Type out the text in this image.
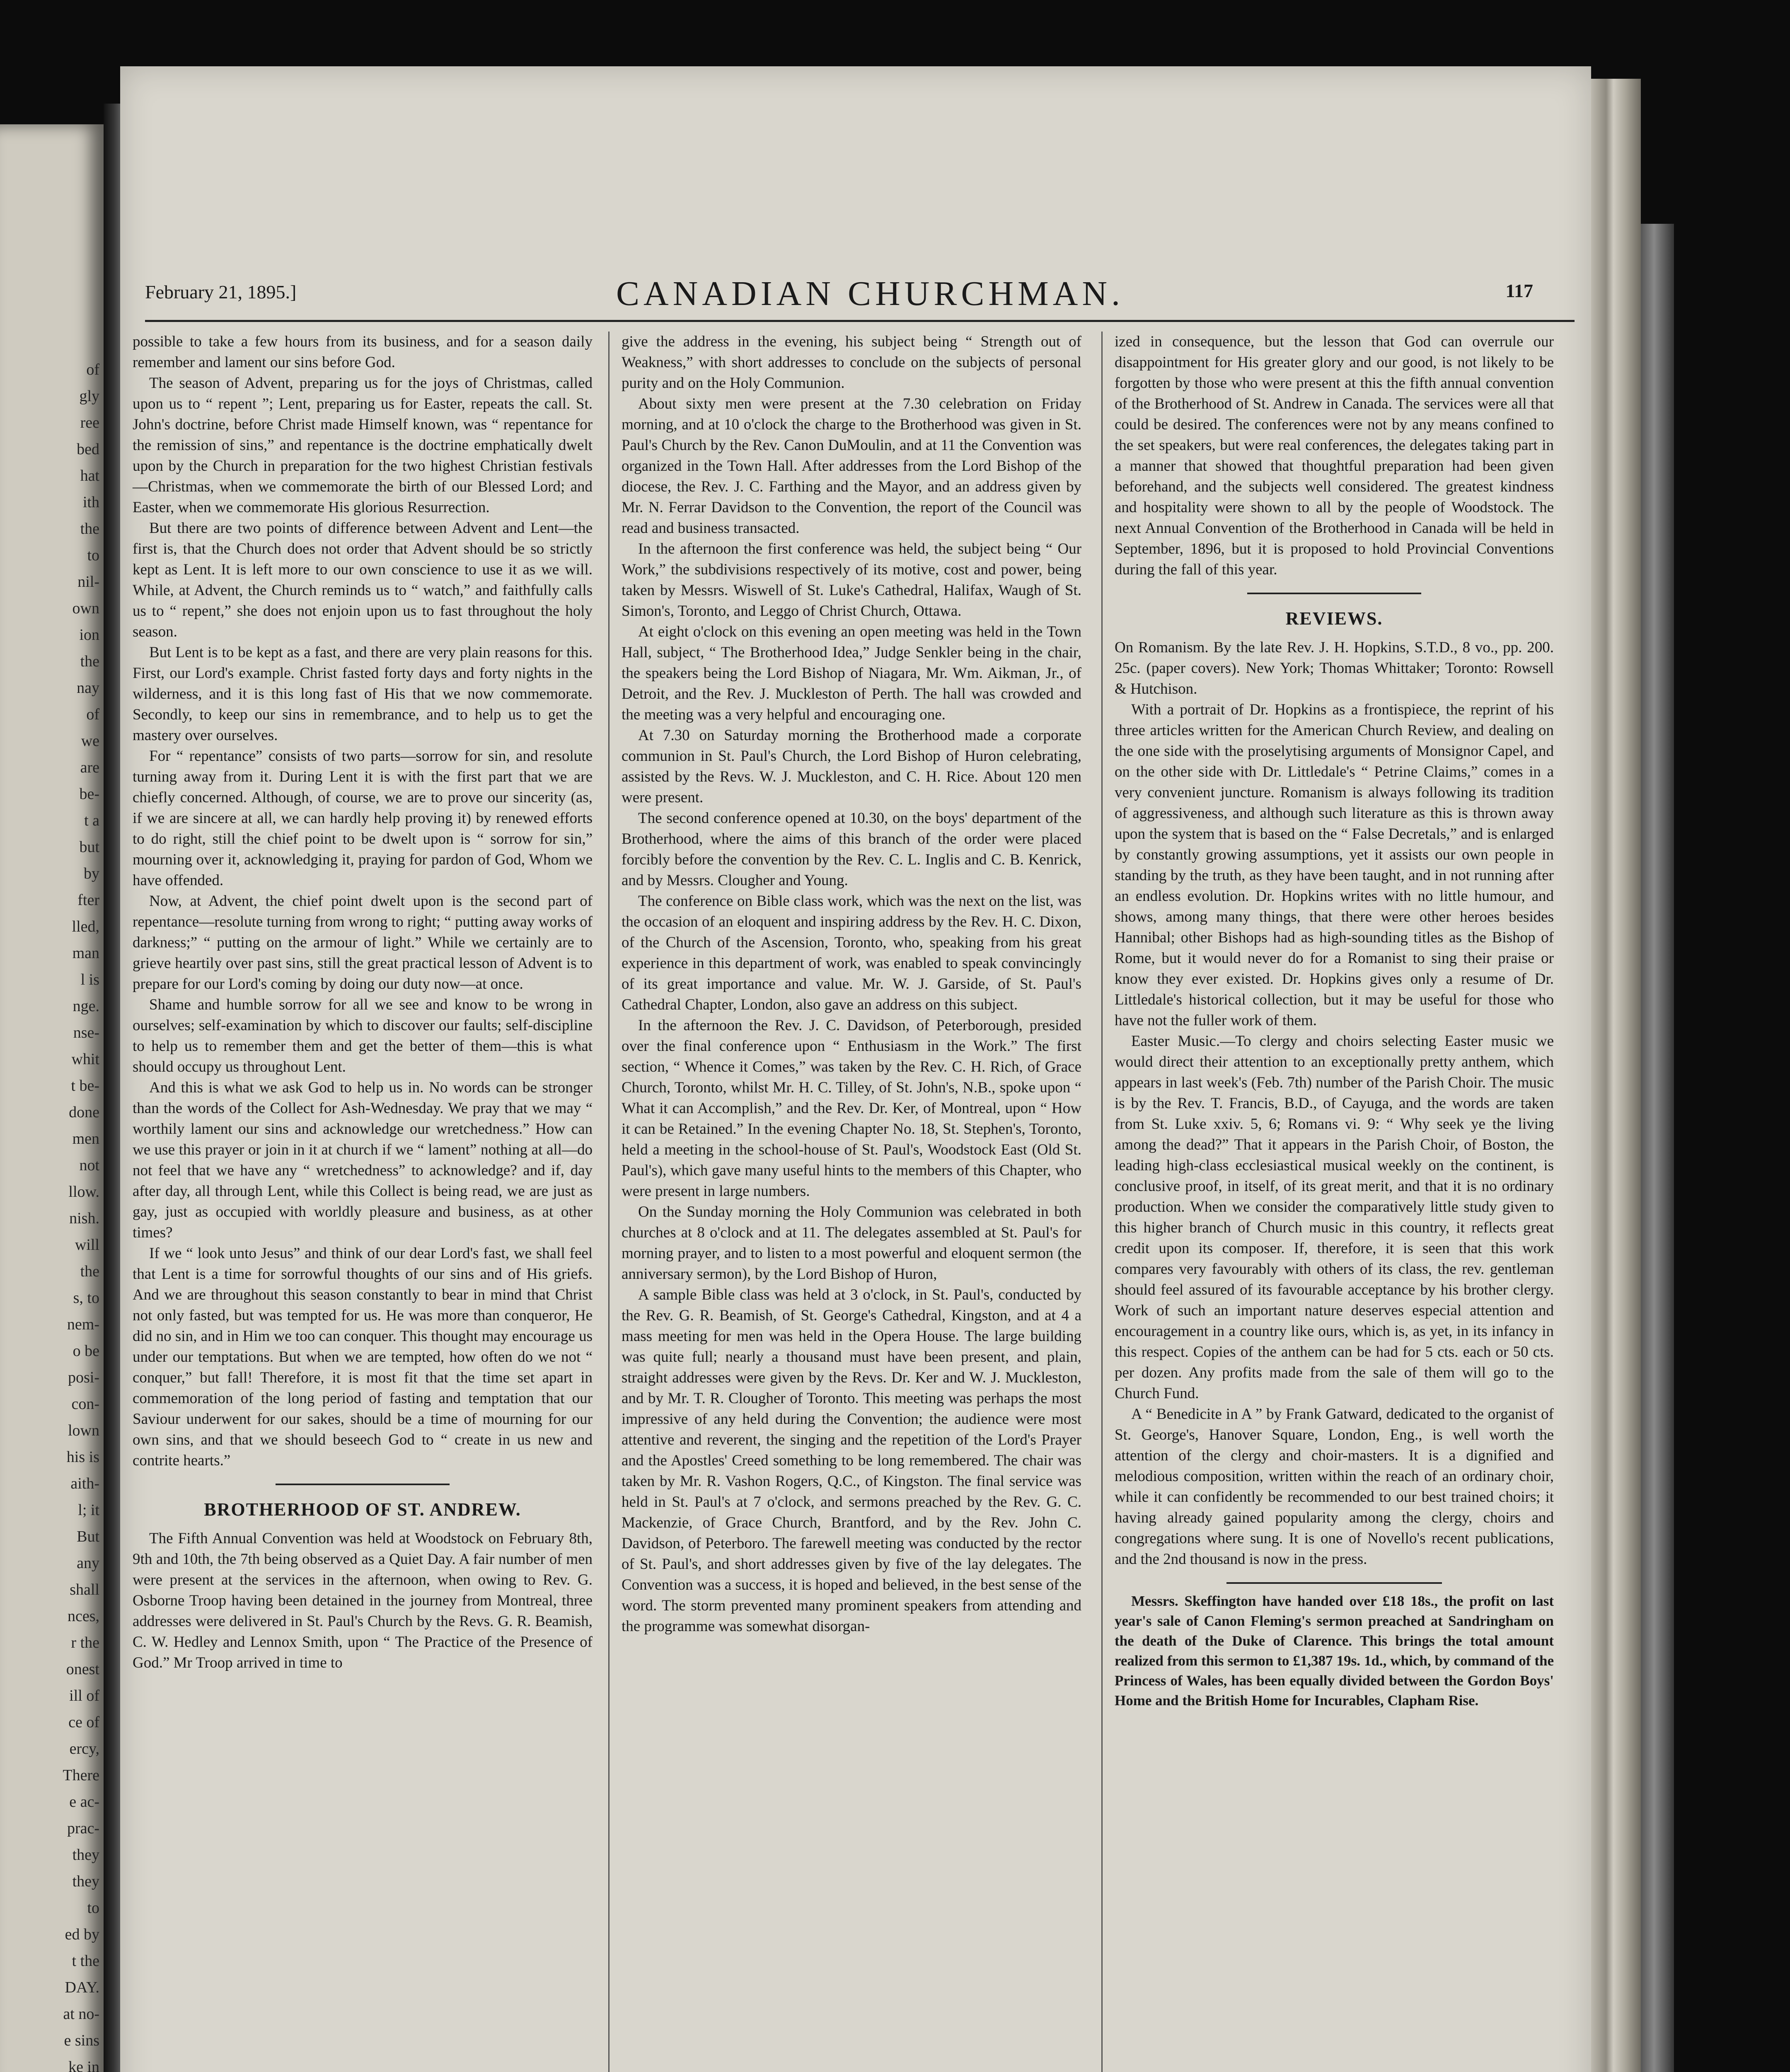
of
gly
ree
bed
hat
ith
the
to
nil-
own
ion
the
nay
of
we
are
be-
t a
but
by
fter
lled,
man
l is
nge.
nse-
whit
t be-
done
men
not
llow.
nish.
will
the
s, to
nem-
o be
posi-
con-
lown
his is
aith-
l; it
But
any
shall
nces,
r the
onest
ill of
ce of
ercy,
There
e ac-
prac-
they
they
to
ed by
t the
DAY.
at no-
e sins
ke in
February 21, 1895.]	CANADIAN CHURCHMAN.	117

possible to take a few hours from its business, and for a season daily remember and lament our sins before God.

The season of Advent, preparing us for the joys of Christmas, called upon us to “ repent ”; Lent, preparing us for Easter, repeats the call. St. John's doctrine, before Christ made Himself known, was “ repentance for the remission of sins,” and repentance is the doctrine emphatically dwelt upon by the Church in preparation for the two highest Christian festivals—Christmas, when we commemorate the birth of our Blessed Lord; and Easter, when we commemorate His glorious Resurrection.

But there are two points of difference between Advent and Lent—the first is, that the Church does not order that Advent should be so strictly kept as Lent. It is left more to our own conscience to use it as we will. While, at Advent, the Church reminds us to “ watch,” and faithfully calls us to “ repent,” she does not enjoin upon us to fast throughout the holy season.

But Lent is to be kept as a fast, and there are very plain reasons for this. First, our Lord's example. Christ fasted forty days and forty nights in the wilderness, and it is this long fast of His that we now commemorate. Secondly, to keep our sins in remembrance, and to help us to get the mastery over ourselves.

For “ repentance” consists of two parts—sorrow for sin, and resolute turning away from it. During Lent it is with the first part that we are chiefly concerned. Although, of course, we are to prove our sincerity (as, if we are sincere at all, we can hardly help proving it) by renewed efforts to do right, still the chief point to be dwelt upon is “ sorrow for sin,” mourning over it, acknowledging it, praying for pardon of God, Whom we have offended.

Now, at Advent, the chief point dwelt upon is the second part of repentance—resolute turning from wrong to right; “ putting away works of darkness;” “ putting on the armour of light.” While we certainly are to grieve heartily over past sins, still the great practical lesson of Advent is to prepare for our Lord's coming by doing our duty now—at once.

Shame and humble sorrow for all we see and know to be wrong in ourselves; self-examination by which to discover our faults; self-discipline to help us to remember them and get the better of them—this is what should occupy us throughout Lent.

And this is what we ask God to help us in. No words can be stronger than the words of the Collect for Ash-Wednesday. We pray that we may “ worthily lament our sins and acknowledge our wretchedness.” How can we use this prayer or join in it at church if we “ lament” nothing at all—do not feel that we have any “ wretchedness” to acknowledge? and if, day after day, all through Lent, while this Collect is being read, we are just as gay, just as occupied with worldly pleasure and business, as at other times?

If we “ look unto Jesus” and think of our dear Lord's fast, we shall feel that Lent is a time for sorrowful thoughts of our sins and of His griefs. And we are throughout this season constantly to bear in mind that Christ not only fasted, but was tempted for us. He was more than conqueror, He did no sin, and in Him we too can conquer. This thought may encourage us under our temptations. But when we are tempted, how often do we not “ conquer,” but fall! Therefore, it is most fit that the time set apart in commemoration of the long period of fasting and temptation that our Saviour underwent for our sakes, should be a time of mourning for our own sins, and that we should beseech God to “ create in us new and contrite hearts.”

BROTHERHOOD OF ST. ANDREW.

The Fifth Annual Convention was held at Woodstock on February 8th, 9th and 10th, the 7th being observed as a Quiet Day. A fair number of men were present at the services in the afternoon, when owing to Rev. G. Osborne Troop having been detained in the journey from Montreal, three addresses were delivered in St. Paul's Church by the Revs. G. R. Beamish, C. W. Hedley and Lennox Smith, upon “ The Practice of the Presence of God.” Mr Troop arrived in time to

give the address in the evening, his subject being “ Strength out of Weakness,” with short addresses to conclude on the subjects of personal purity and on the Holy Communion.

About sixty men were present at the 7.30 celebration on Friday morning, and at 10 o'clock the charge to the Brotherhood was given in St. Paul's Church by the Rev. Canon DuMoulin, and at 11 the Convention was organized in the Town Hall. After addresses from the Lord Bishop of the diocese, the Rev. J. C. Farthing and the Mayor, and an address given by Mr. N. Ferrar Davidson to the Convention, the report of the Council was read and business transacted.

In the afternoon the first conference was held, the subject being “ Our Work,” the subdivisions respectively of its motive, cost and power, being taken by Messrs. Wiswell of St. Luke's Cathedral, Halifax, Waugh of St. Simon's, Toronto, and Leggo of Christ Church, Ottawa.

At eight o'clock on this evening an open meeting was held in the Town Hall, subject, “ The Brotherhood Idea,” Judge Senkler being in the chair, the speakers being the Lord Bishop of Niagara, Mr. Wm. Aikman, Jr., of Detroit, and the Rev. J. Muckleston of Perth. The hall was crowded and the meeting was a very helpful and encouraging one.

At 7.30 on Saturday morning the Brotherhood made a corporate communion in St. Paul's Church, the Lord Bishop of Huron celebrating, assisted by the Revs. W. J. Muckleston, and C. H. Rice. About 120 men were present.

The second conference opened at 10.30, on the boys' department of the Brotherhood, where the aims of this branch of the order were placed forcibly before the convention by the Rev. C. L. Inglis and C. B. Kenrick, and by Messrs. Clougher and Young.

The conference on Bible class work, which was the next on the list, was the occasion of an eloquent and inspiring address by the Rev. H. C. Dixon, of the Church of the Ascension, Toronto, who, speaking from his great experience in this department of work, was enabled to speak convincingly of its great importance and value. Mr. W. J. Garside, of St. Paul's Cathedral Chapter, London, also gave an address on this subject.

In the afternoon the Rev. J. C. Davidson, of Peterborough, presided over the final conference upon “ Enthusiasm in the Work.” The first section, “ Whence it Comes,” was taken by the Rev. C. H. Rich, of Grace Church, Toronto, whilst Mr. H. C. Tilley, of St. John's, N.B., spoke upon “ What it can Accomplish,” and the Rev. Dr. Ker, of Montreal, upon “ How it can be Retained.” In the evening Chapter No. 18, St. Stephen's, Toronto, held a meeting in the school-house of St. Paul's, Woodstock East (Old St. Paul's), which gave many useful hints to the members of this Chapter, who were present in large numbers.

On the Sunday morning the Holy Communion was celebrated in both churches at 8 o'clock and at 11. The delegates assembled at St. Paul's for morning prayer, and to listen to a most powerful and eloquent sermon (the anniversary sermon), by the Lord Bishop of Huron,

A sample Bible class was held at 3 o'clock, in St. Paul's, conducted by the Rev. G. R. Beamish, of St. George's Cathedral, Kingston, and at 4 a mass meeting for men was held in the Opera House. The large building was quite full; nearly a thousand must have been present, and plain, straight addresses were given by the Revs. Dr. Ker and W. J. Muckleston, and by Mr. T. R. Clougher of Toronto. This meeting was perhaps the most impressive of any held during the Convention; the audience were most attentive and reverent, the singing and the repetition of the Lord's Prayer and the Apostles' Creed something to be long remembered. The chair was taken by Mr. R. Vashon Rogers, Q.C., of Kingston. The final service was held in St. Paul's at 7 o'clock, and sermons preached by the Rev. G. C. Mackenzie, of Grace Church, Brantford, and by the Rev. John C. Davidson, of Peterboro. The farewell meeting was conducted by the rector of St. Paul's, and short addresses given by five of the lay delegates. The Convention was a success, it is hoped and believed, in the best sense of the word. The storm prevented many prominent speakers from attending and the programme was somewhat disorgan-

ized in consequence, but the lesson that God can overrule our disappointment for His greater glory and our good, is not likely to be forgotten by those who were present at this the fifth annual convention of the Brotherhood of St. Andrew in Canada. The services were all that could be desired. The conferences were not by any means confined to the set speakers, but were real conferences, the delegates taking part in a manner that showed that thoughtful preparation had been given beforehand, and the subjects well considered. The greatest kindness and hospitality were shown to all by the people of Woodstock. The next Annual Convention of the Brotherhood in Canada will be held in September, 1896, but it is proposed to hold Provincial Conventions during the fall of this year.

REVIEWS.

On Romanism. By the late Rev. J. H. Hopkins, S.T.D., 8 vo., pp. 200. 25c. (paper covers). New York; Thomas Whittaker; Toronto: Rowsell & Hutchison.

With a portrait of Dr. Hopkins as a frontispiece, the reprint of his three articles written for the American Church Review, and dealing on the one side with the proselytising arguments of Monsignor Capel, and on the other side with Dr. Littledale's “ Petrine Claims,” comes in a very convenient juncture. Romanism is always following its tradition of aggressiveness, and although such literature as this is thrown away upon the system that is based on the “ False Decretals,” and is enlarged by constantly growing assumptions, yet it assists our own people in standing by the truth, as they have been taught, and in not running after an endless evolution. Dr. Hopkins writes with no little humour, and shows, among many things, that there were other heroes besides Hannibal; other Bishops had as high-sounding titles as the Bishop of Rome, but it would never do for a Romanist to sing their praise or know they ever existed. Dr. Hopkins gives only a resume of Dr. Littledale's historical collection, but it may be useful for those who have not the fuller work of them.

Easter Music.—To clergy and choirs selecting Easter music we would direct their attention to an exceptionally pretty anthem, which appears in last week's (Feb. 7th) number of the Parish Choir. The music is by the Rev. T. Francis, B.D., of Cayuga, and the words are taken from St. Luke xxiv. 5, 6; Romans vi. 9: “ Why seek ye the living among the dead?” That it appears in the Parish Choir, of Boston, the leading high-class ecclesiastical musical weekly on the continent, is conclusive proof, in itself, of its great merit, and that it is no ordinary production. When we consider the comparatively little study given to this higher branch of Church music in this country, it reflects great credit upon its composer. If, therefore, it is seen that this work compares very favourably with others of its class, the rev. gentleman should feel assured of its favourable acceptance by his brother clergy. Work of such an important nature deserves especial attention and encouragement in a country like ours, which is, as yet, in its infancy in this respect. Copies of the anthem can be had for 5 cts. each or 50 cts. per dozen. Any profits made from the sale of them will go to the Church Fund.

A “ Benedicite in A ” by Frank Gatward, dedicated to the organist of St. George's, Hanover Square, London, Eng., is well worth the attention of the clergy and choir-masters. It is a dignified and melodious composition, written within the reach of an ordinary choir, while it can confidently be recommended to our best trained choirs; it having already gained popularity among the clergy, choirs and congregations where sung. It is one of Novello's recent publications, and the 2nd thousand is now in the press.

Messrs. Skeffington have handed over £18 18s., the profit on last year's sale of Canon Fleming's sermon preached at Sandringham on the death of the Duke of Clarence. This brings the total amount realized from this sermon to £1,387 19s. 1d., which, by command of the Princess of Wales, has been equally divided between the Gordon Boys' Home and the British Home for Incurables, Clapham Rise.
